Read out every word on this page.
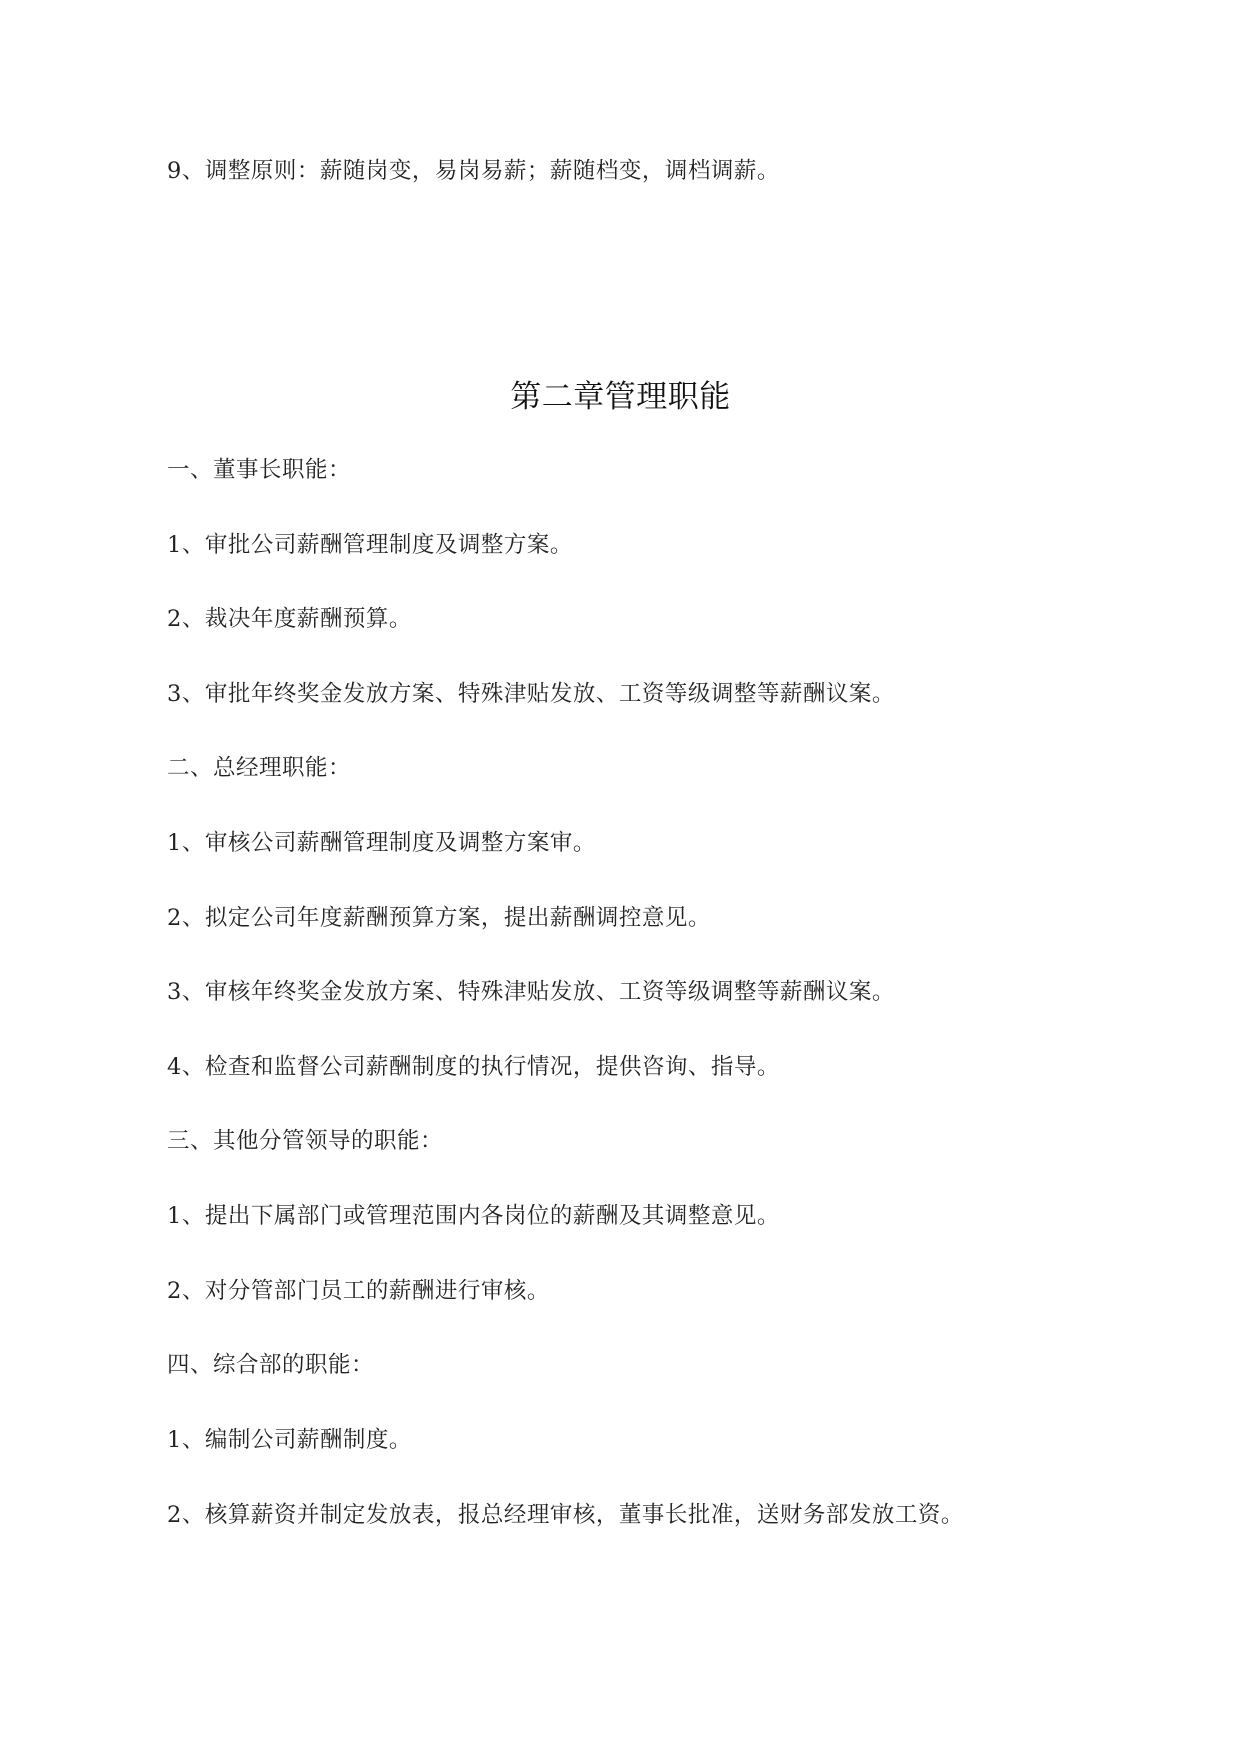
9、调整原则：薪随岗变，易岗易薪；薪随档变，调档调薪。
第二章管理职能
一、董事长职能：
1、审批公司薪酬管理制度及调整方案。
2、裁决年度薪酬预算。
3、审批年终奖金发放方案、特殊津贴发放、工资等级调整等薪酬议案。
二、总经理职能：
1、审核公司薪酬管理制度及调整方案审。
2、拟定公司年度薪酬预算方案，提出薪酬调控意见。
3、审核年终奖金发放方案、特殊津贴发放、工资等级调整等薪酬议案。
4、检查和监督公司薪酬制度的执行情况，提供咨询、指导。
三、其他分管领导的职能：
1、提出下属部门或管理范围内各岗位的薪酬及其调整意见。
2、对分管部门员工的薪酬进行审核。
四、综合部的职能：
1、编制公司薪酬制度。
2、核算薪资并制定发放表，报总经理审核，董事长批准，送财务部发放工资。
